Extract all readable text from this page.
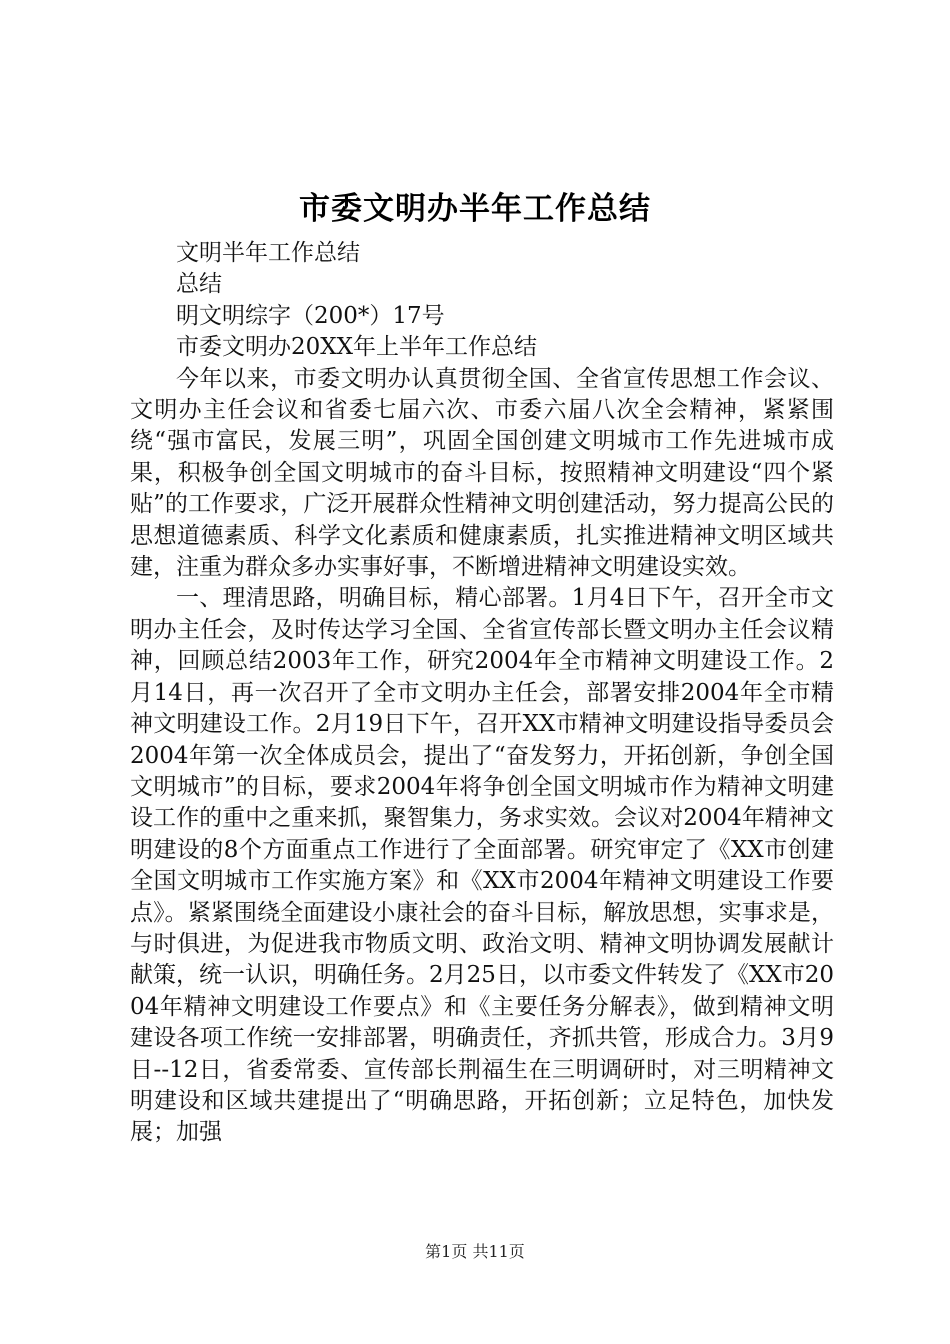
市委文明办半年工作总结

文明半年工作总结

总结

明文明综字（200*）17号

市委文明办20XX年上半年工作总结

今年以来，市委文明办认真贯彻全国、全省宣传思想工作会议、文明办主任会议和省委七届六次、市委六届八次全会精神，紧紧围绕“强市富民，发展三明”，巩固全国创建文明城市工作先进城市成果，积极争创全国文明城市的奋斗目标，按照精神文明建设“四个紧贴”的工作要求，广泛开展群众性精神文明创建活动，努力提高公民的思想道德素质、科学文化素质和健康素质，扎实推进精神文明区域共建，注重为群众多办实事好事，不断增进精神文明建设实效。

一、理清思路，明确目标，精心部署。1月4日下午，召开全市文明办主任会，及时传达学习全国、全省宣传部长暨文明办主任会议精神，回顾总结2003年工作，研究2004年全市精神文明建设工作。2月14日，再一次召开了全市文明办主任会，部署安排2004年全市精神文明建设工作。2月19日下午，召开XX市精神文明建设指导委员会2004年第一次全体成员会，提出了“奋发努力，开拓创新，争创全国文明城市”的目标，要求2004年将争创全国文明城市作为精神文明建设工作的重中之重来抓，聚智集力，务求实效。会议对2004年精神文明建设的8个方面重点工作进行了全面部署。研究审定了《XX市创建全国文明城市工作实施方案》和《XX市2004年精神文明建设工作要点》。紧紧围绕全面建设小康社会的奋斗目标，解放思想，实事求是，与时俱进，为促进我市物质文明、政治文明、精神文明协调发展献计献策，统一认识，明确任务。2月25日，以市委文件转发了《XX市2004年精神文明建设工作要点》和《主要任务分解表》，做到精神文明建设各项工作统一安排部署，明确责任，齐抓共管，形成合力。3月9日--12日，省委常委、宣传部长荆福生在三明调研时，对三明精神文明建设和区域共建提出了“明确思路，开拓创新；立足特色，加快发展；加强

第1页 共11页
